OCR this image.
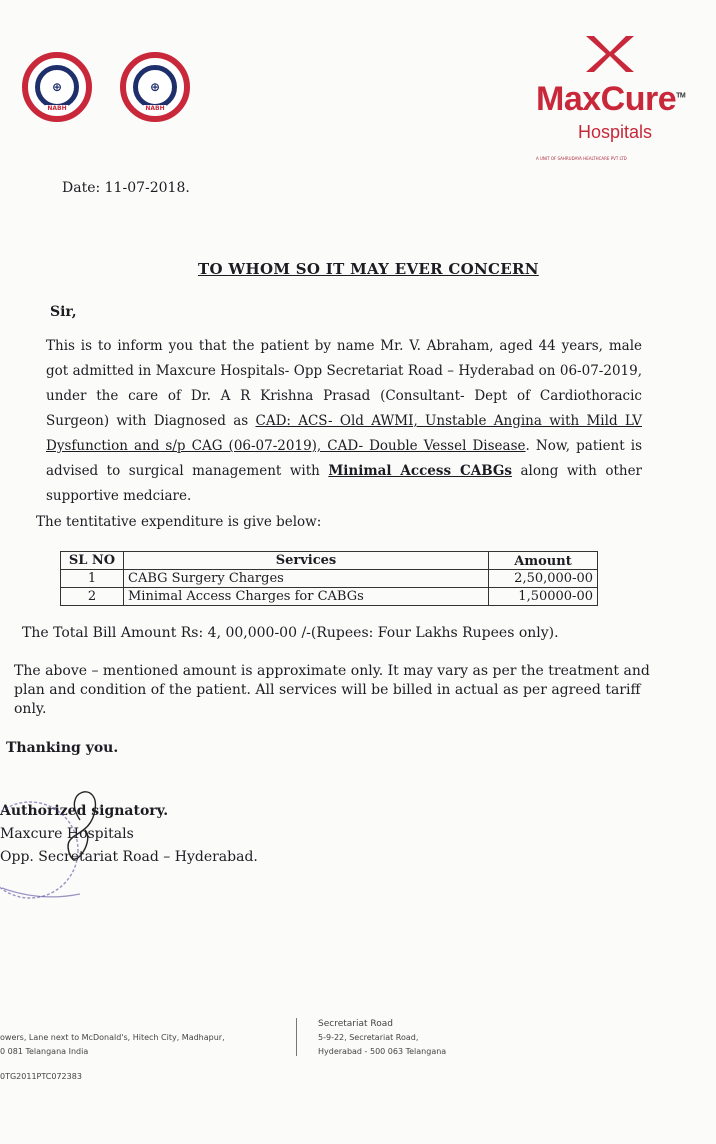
⊕
NABH
⊕
NABH	MaxCure™
Hospitals
A UNIT OF SAHRUDAYA HEALTHCARE PVT LTD
Date: 11-07-2018.
TO WHOM SO IT MAY EVER CONCERN
Sir,
This is to inform you that the patient by name Mr. V. Abraham, aged 44 years, male got admitted in Maxcure Hospitals- Opp Secretariat Road – Hyderabad on 06-07-2019, under the care of Dr. A R Krishna Prasad (Consultant- Dept of Cardiothoracic Surgeon) with Diagnosed as CAD: ACS- Old AWMI, Unstable Angina with Mild LV Dysfunction and s/p CAG (06-07-2019), CAD- Double Vessel Disease. Now, patient is advised to surgical management with Minimal Access CABGs along with other supportive medciare.
The tentitative expenditure is give below:
SL NO	Services	Amount
1	CABG Surgery Charges	2,50,000-00
2	Minimal Access Charges for CABGs	1,50000-00
The Total Bill Amount Rs: 4, 00,000-00 /-(Rupees: Four Lakhs Rupees only).
The above – mentioned amount is approximate only. It may vary as per the treatment and plan and condition of the patient. All services will be billed in actual as per agreed tariff only.
Thanking you.
Authorized signatory.
Maxcure Hospitals
Opp. Secretariat Road – Hyderabad.
owers, Lane next to McDonald's, Hitech City, Madhapur,
0 081 Telangana India
Secretariat Road
5-9-22, Secretariat Road,
Hyderabad - 500 063 Telangana
0TG2011PTC072383
